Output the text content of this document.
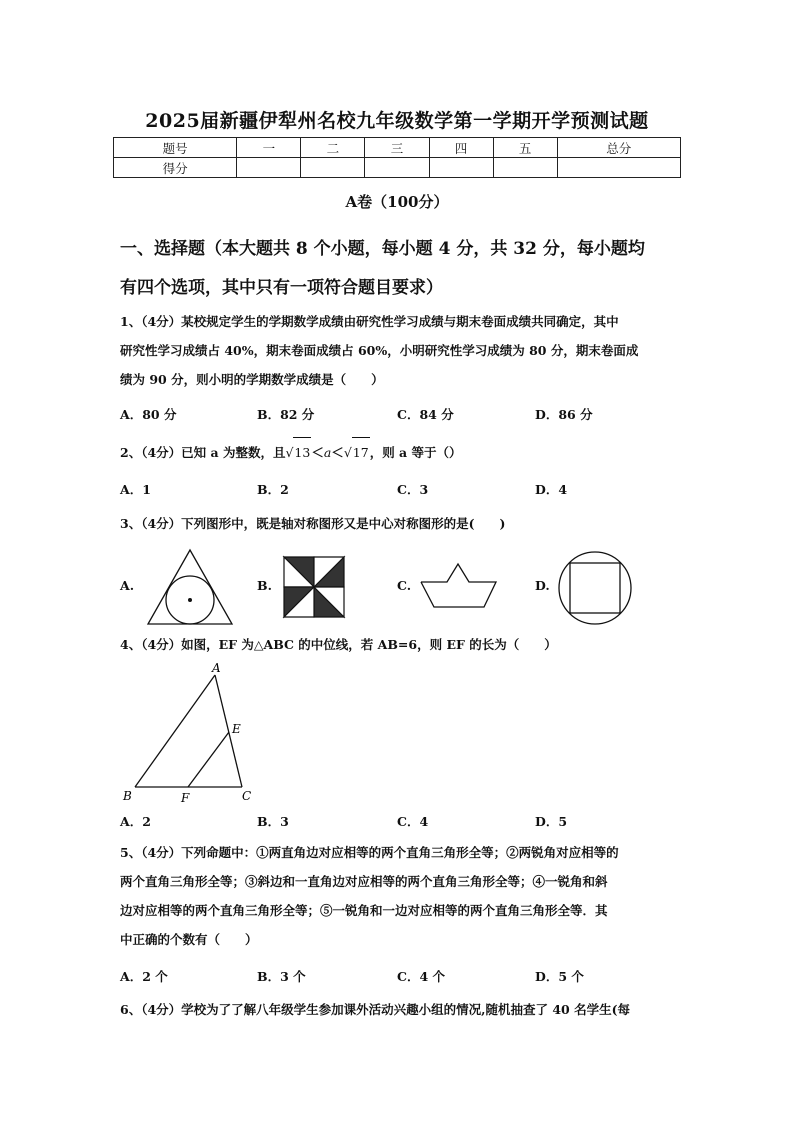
2025届新疆伊犁州名校九年级数学第一学期开学预测试题
题号	一	二	三	四	五	总分
得分						
A卷（100分）
一、选择题（本大题共 8 个小题，每小题 4 分，共 32 分，每小题均
有四个选项，其中只有一项符合题目要求）
1、（4分）某校规定学生的学期数学成绩由研究性学习成绩与期末卷面成绩共同确定，其中
研究性学习成绩占 40%，期末卷面成绩占 60%，小明研究性学习成绩为 80 分，期末卷面成
绩为 90 分，则小明的学期数学成绩是（　　）
A．80 分	B．82 分	C．84 分	D．86 分
2、（4分）已知 a 为整数，且√13＜a＜√17，则 a 等于（）
A．1	B．2	C．3	D．4
3、（4分）下列图形中，既是轴对称图形又是中心对称图形的是(　　)
A.	B.	C.	D.
4、（4分）如图，EF 为△ABC 的中位线，若 AB=6，则 EF 的长为（　　）
A
E
B	F	C
A．2	B．3	C．4	D．5
5、（4分）下列命题中：①两直角边对应相等的两个直角三角形全等；②两锐角对应相等的
两个直角三角形全等；③斜边和一直角边对应相等的两个直角三角形全等；④一锐角和斜
边对应相等的两个直角三角形全等；⑤一锐角和一边对应相等的两个直角三角形全等．其
中正确的个数有（　　）
A．2 个	B．3 个	C．4 个	D．5 个
6、（4分）学校为了了解八年级学生参加课外活动兴趣小组的情况,随机抽查了 40 名学生(每
